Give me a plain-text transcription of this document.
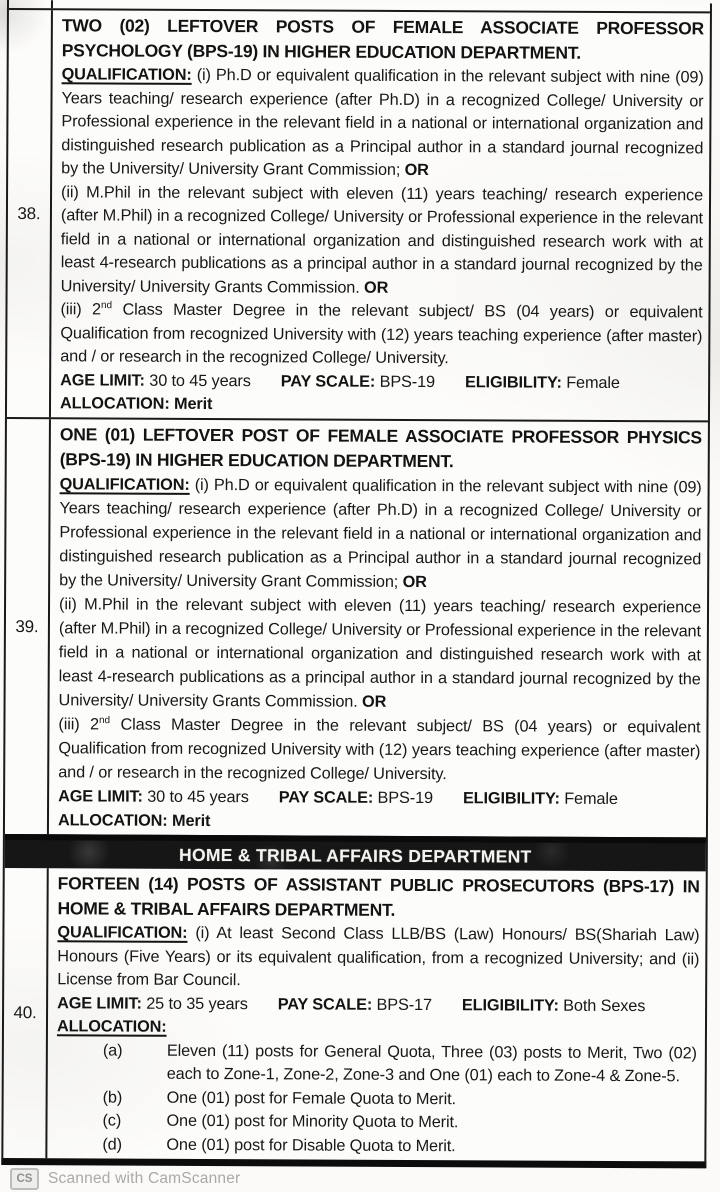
38.

TWO (02) LEFTOVER POSTS OF FEMALE ASSOCIATE PROFESSOR PSYCHOLOGY (BPS-19) IN HIGHER EDUCATION DEPARTMENT.

QUALIFICATION: (i) Ph.D or equivalent qualification in the relevant subject with nine (09) Years teaching/ research experience (after Ph.D) in a recognized College/ University or Professional experience in the relevant field in a national or international organization and distinguished research publication as a Principal author in a standard journal recognized by the University/ University Grant Commission; OR

(ii) M.Phil in the relevant subject with eleven (11) years teaching/ research experience (after M.Phil) in a recognized College/ University or Professional experience in the relevant field in a national or international organization and distinguished research work with at least 4-research publications as a principal author in a standard journal recognized by the University/ University Grants Commission. OR

(iii) 2nd Class Master Degree in the relevant subject/ BS (04 years) or equivalent Qualification from recognized University with (12) years teaching experience (after master) and / or research in the recognized College/ University.

AGE LIMIT: 30 to 45 years PAY SCALE: BPS-19 ELIGIBILITY: Female

ALLOCATION: Merit

39.

ONE (01) LEFTOVER POST OF FEMALE ASSOCIATE PROFESSOR PHYSICS (BPS-19) IN HIGHER EDUCATION DEPARTMENT.

QUALIFICATION: (i) Ph.D or equivalent qualification in the relevant subject with nine (09) Years teaching/ research experience (after Ph.D) in a recognized College/ University or Professional experience in the relevant field in a national or international organization and distinguished research publication as a Principal author in a standard journal recognized by the University/ University Grant Commission; OR

(ii) M.Phil in the relevant subject with eleven (11) years teaching/ research experience (after M.Phil) in a recognized College/ University or Professional experience in the relevant field in a national or international organization and distinguished research work with at least 4-research publications as a principal author in a standard journal recognized by the University/ University Grants Commission. OR

(iii) 2nd Class Master Degree in the relevant subject/ BS (04 years) or equivalent Qualification from recognized University with (12) years teaching experience (after master) and / or research in the recognized College/ University.

AGE LIMIT: 30 to 45 years PAY SCALE: BPS-19 ELIGIBILITY: Female

ALLOCATION: Merit

HOME & TRIBAL AFFAIRS DEPARTMENT
40.

FORTEEN (14) POSTS OF ASSISTANT PUBLIC PROSECUTORS (BPS-17) IN HOME & TRIBAL AFFAIRS DEPARTMENT.

QUALIFICATION: (i) At least Second Class LLB/BS (Law) Honours/ BS(Shariah Law) Honours (Five Years) or its equivalent qualification, from a recognized University; and (ii) License from Bar Council.

AGE LIMIT: 25 to 35 years PAY SCALE: BPS-17 ELIGIBILITY: Both Sexes

ALLOCATION:

(a)	Eleven (11) posts for General Quota, Three (03) posts to Merit, Two (02) each to Zone-1, Zone-2, Zone-3 and One (01) each to Zone-4 & Zone-5.
(b)	One (01) post for Female Quota to Merit.
(c)	One (01) post for Minority Quota to Merit.
(d)	One (01) post for Disable Quota to Merit.
CS	Scanned with CamScanner
